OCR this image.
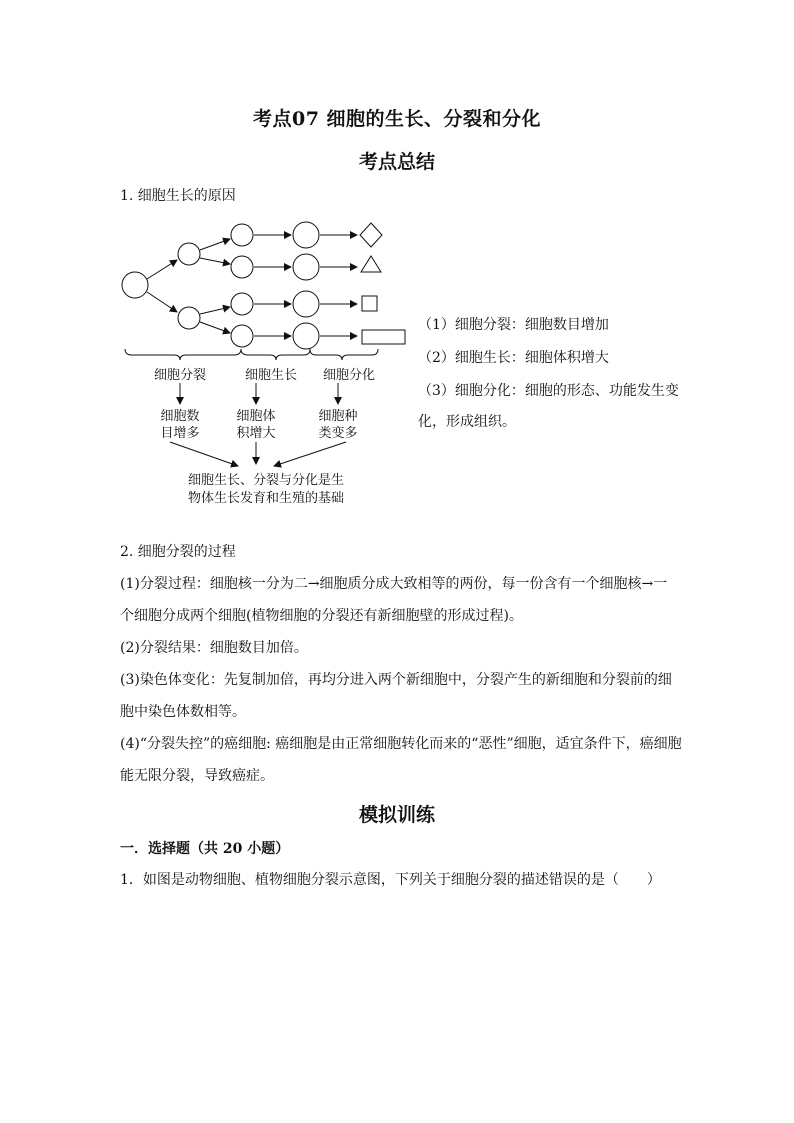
考点07 细胞的生长、分裂和分化
考点总结
1. 细胞生长的原因
细胞分裂	细胞生长 细胞分化
细胞数
目增多
细胞体
积增大
细胞种
类变多
细胞生长、分裂与分化是生
物体生长发育和生殖的基础
（1）细胞分裂：细胞数目增加
（2）细胞生长：细胞体积增大
（3）细胞分化：细胞的形态、功能发生变
化，形成组织。
2. 细胞分裂的过程
(1)分裂过程：细胞核一分为二→细胞质分成大致相等的两份，每一份含有一个细胞核→一
个细胞分成两个细胞(植物细胞的分裂还有新细胞壁的形成过程)。
(2)分裂结果：细胞数目加倍。
(3)染色体变化：先复制加倍，再均分进入两个新细胞中，分裂产生的新细胞和分裂前的细
胞中染色体数相等。
(4)“分裂失控”的癌细胞: 癌细胞是由正常细胞转化而来的“恶性”细胞，适宜条件下，癌细胞
能无限分裂，导致癌症。
模拟训练
一．选择题（共 20 小题）
1．如图是动物细胞、植物细胞分裂示意图，下列关于细胞分裂的描述错误的是（　　）
